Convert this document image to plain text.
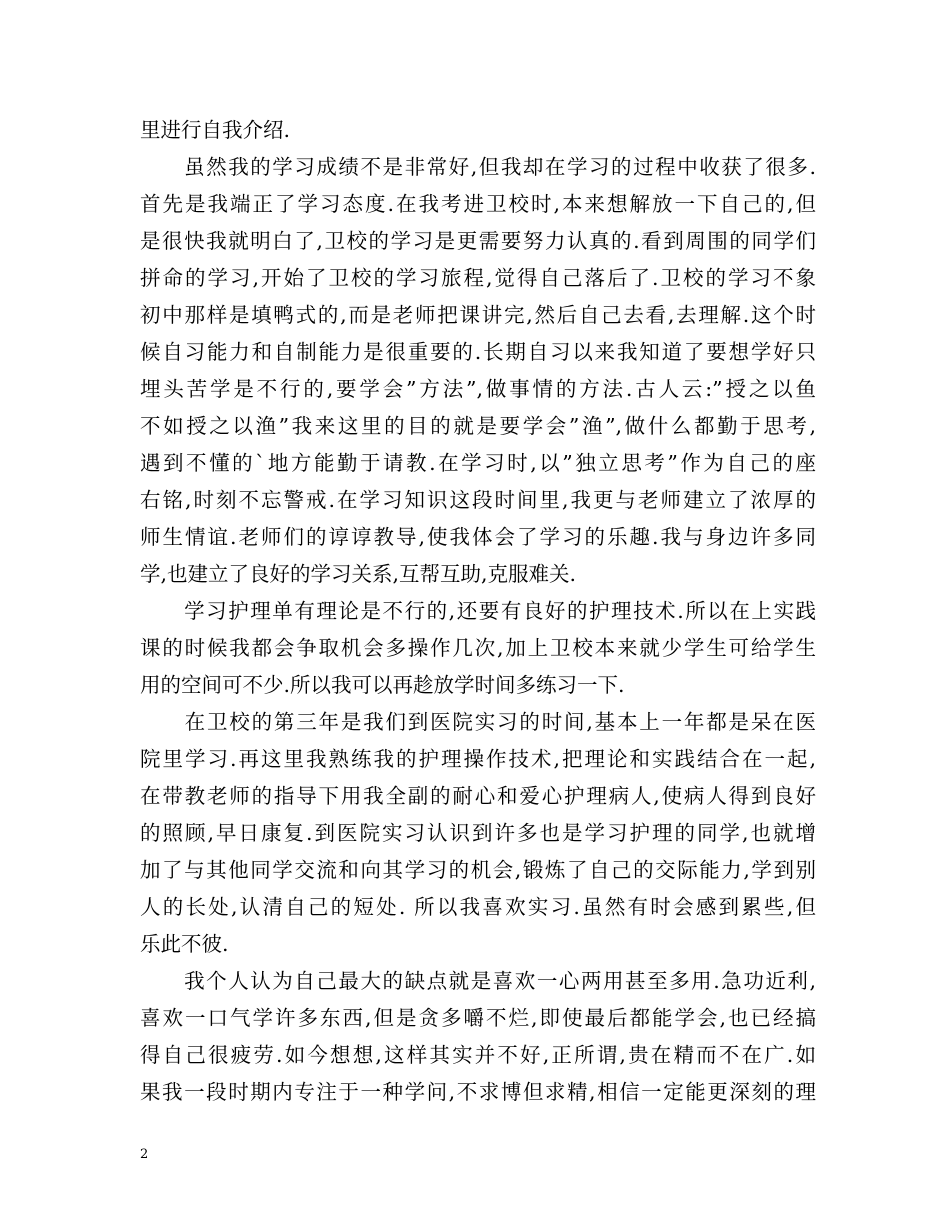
里进行自我介绍.
　　虽然我的学习成绩不是非常好,但我却在学习的过程中收获了很多.
首先是我端正了学习态度.在我考进卫校时,本来想解放一下自己的,但
是很快我就明白了,卫校的学习是更需要努力认真的.看到周围的同学们
拼命的学习,开始了卫校的学习旅程,觉得自己落后了.卫校的学习不象
初中那样是填鸭式的,而是老师把课讲完,然后自己去看,去理解.这个时
候自习能力和自制能力是很重要的.长期自习以来我知道了要想学好只
埋头苦学是不行的,要学会”方法”,做事情的方法.古人云:”授之以鱼
不如授之以渔”我来这里的目的就是要学会”渔”,做什么都勤于思考,
遇到不懂的`地方能勤于请教.在学习时,以”独立思考”作为自己的座
右铭,时刻不忘警戒.在学习知识这段时间里,我更与老师建立了浓厚的
师生情谊.老师们的谆谆教导,使我体会了学习的乐趣.我与身边许多同
学,也建立了良好的学习关系,互帮互助,克服难关.
　　学习护理单有理论是不行的,还要有良好的护理技术.所以在上实践
课的时候我都会争取机会多操作几次,加上卫校本来就少学生可给学生
用的空间可不少.所以我可以再趁放学时间多练习一下.
　　在卫校的第三年是我们到医院实习的时间,基本上一年都是呆在医
院里学习.再这里我熟练我的护理操作技术,把理论和实践结合在一起,
在带教老师的指导下用我全副的耐心和爱心护理病人,使病人得到良好
的照顾,早日康复.到医院实习认识到许多也是学习护理的同学,也就增
加了与其他同学交流和向其学习的机会,锻炼了自己的交际能力,学到别
人的长处,认清自己的短处. 所以我喜欢实习.虽然有时会感到累些,但
乐此不彼.
　　我个人认为自己最大的缺点就是喜欢一心两用甚至多用.急功近利,
喜欢一口气学许多东西,但是贪多嚼不烂,即使最后都能学会,也已经搞
得自己很疲劳.如今想想,这样其实并不好,正所谓,贵在精而不在广.如
果我一段时期内专注于一种学问,不求博但求精,相信一定能更深刻的理
2
